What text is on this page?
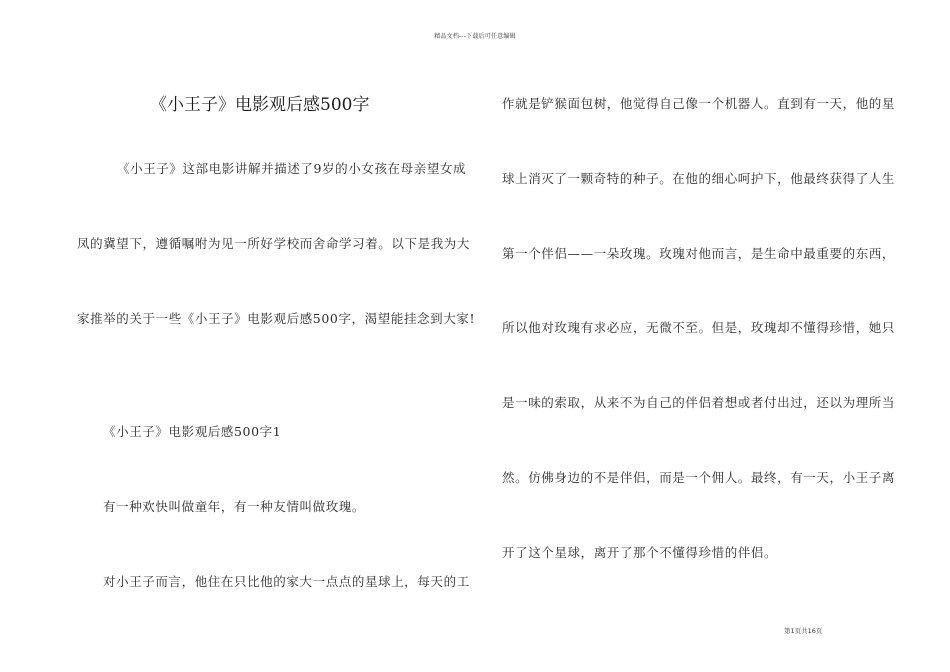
精品文档---下载后可任意编辑
《小王子》电影观后感500字
《小王子》这部电影讲解并描述了9岁的小女孩在母亲望女成
凤的冀望下，遵循嘱咐为见一所好学校而舍命学习着。以下是我为大
家推举的关于一些《小王子》电影观后感500字，渴望能挂念到大家!
《小王子》电影观后感500字1
有一种欢快叫做童年，有一种友情叫做玫瑰。
对小王子而言，他住在只比他的家大一点点的星球上，每天的工
作就是铲猴面包树，他觉得自己像一个机器人。直到有一天，他的星
球上消灭了一颗奇特的种子。在他的细心呵护下，他最终获得了人生
第一个伴侣——一朵玫瑰。玫瑰对他而言，是生命中最重要的东西，
所以他对玫瑰有求必应，无微不至。但是，玫瑰却不懂得珍惜，她只
是一味的索取，从来不为自己的伴侣着想或者付出过，还以为理所当
然。仿佛身边的不是伴侣，而是一个佣人。最终，有一天，小王子离
开了这个星球，离开了那个不懂得珍惜的伴侣。
第1页共16页
